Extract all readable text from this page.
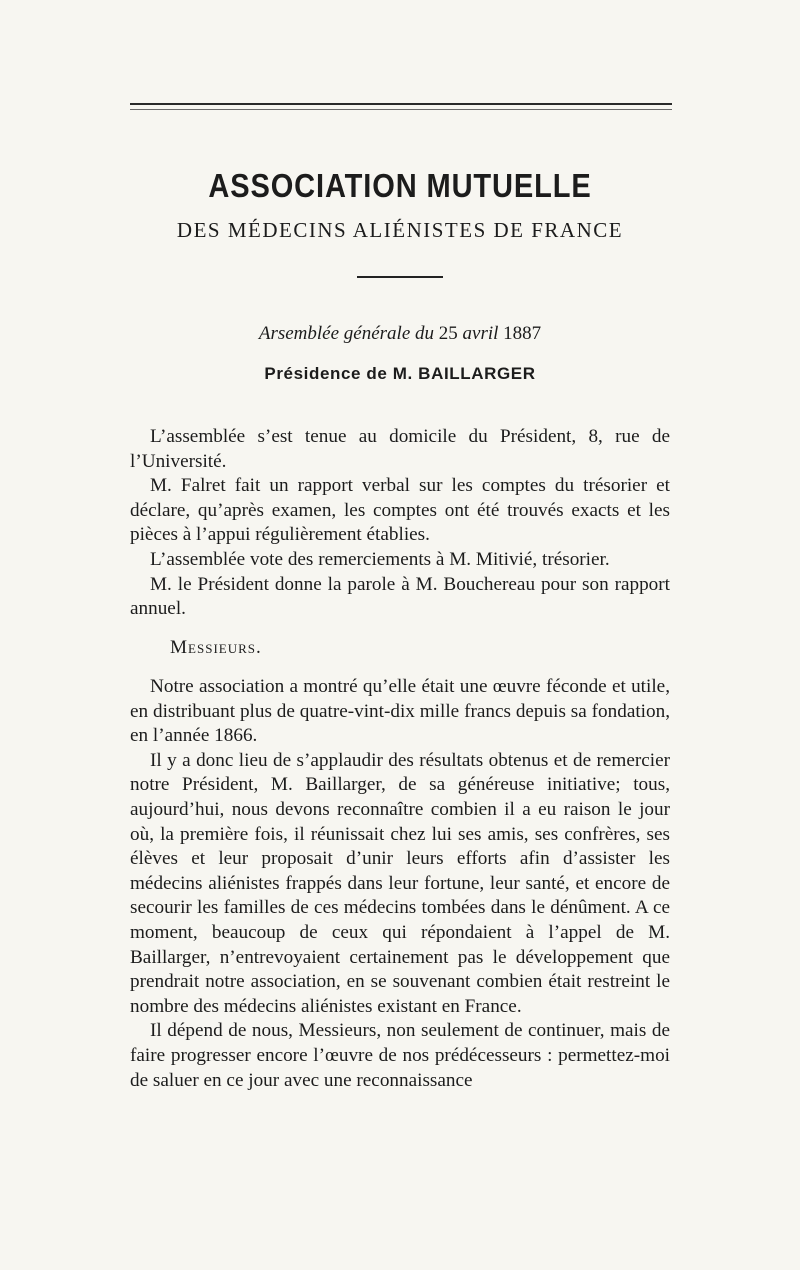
ASSOCIATION MUTUELLE
DES MÉDECINS ALIÉNISTES DE FRANCE
Arsemblée générale du 25 avril 1887
Présidence de M. BAILLARGER

L’assemblée s’est tenue au domicile du Président, 8, rue de l’Université.

M. Falret fait un rapport verbal sur les comptes du trésorier et déclare, qu’après examen, les comptes ont été trouvés exacts et les pièces à l’appui régulièrement établies.

L’assemblée vote des remerciements à M. Mitivié, trésorier.

M. le Président donne la parole à M. Bouchereau pour son rapport annuel.

Messieurs.

Notre association a montré qu’elle était une œuvre féconde et utile, en distribuant plus de quatre-vint-dix mille francs depuis sa fondation, en l’année 1866.

Il y a donc lieu de s’applaudir des résultats obtenus et de remercier notre Président, M. Baillarger, de sa généreuse initiative; tous, aujourd’hui, nous devons reconnaître combien il a eu raison le jour où, la première fois, il réunissait chez lui ses amis, ses confrères, ses élèves et leur proposait d’unir leurs efforts afin d’assister les médecins aliénistes frappés dans leur fortune, leur santé, et encore de secourir les familles de ces médecins tombées dans le dénûment. A ce moment, beaucoup de ceux qui répondaient à l’appel de M. Baillarger, n’entrevoyaient certainement pas le développement que prendrait notre association, en se souvenant combien était restreint le nombre des médecins aliénistes existant en France.

Il dépend de nous, Messieurs, non seulement de continuer, mais de faire progresser encore l’œuvre de nos prédécesseurs : permettez-moi de saluer en ce jour avec une reconnaissance
